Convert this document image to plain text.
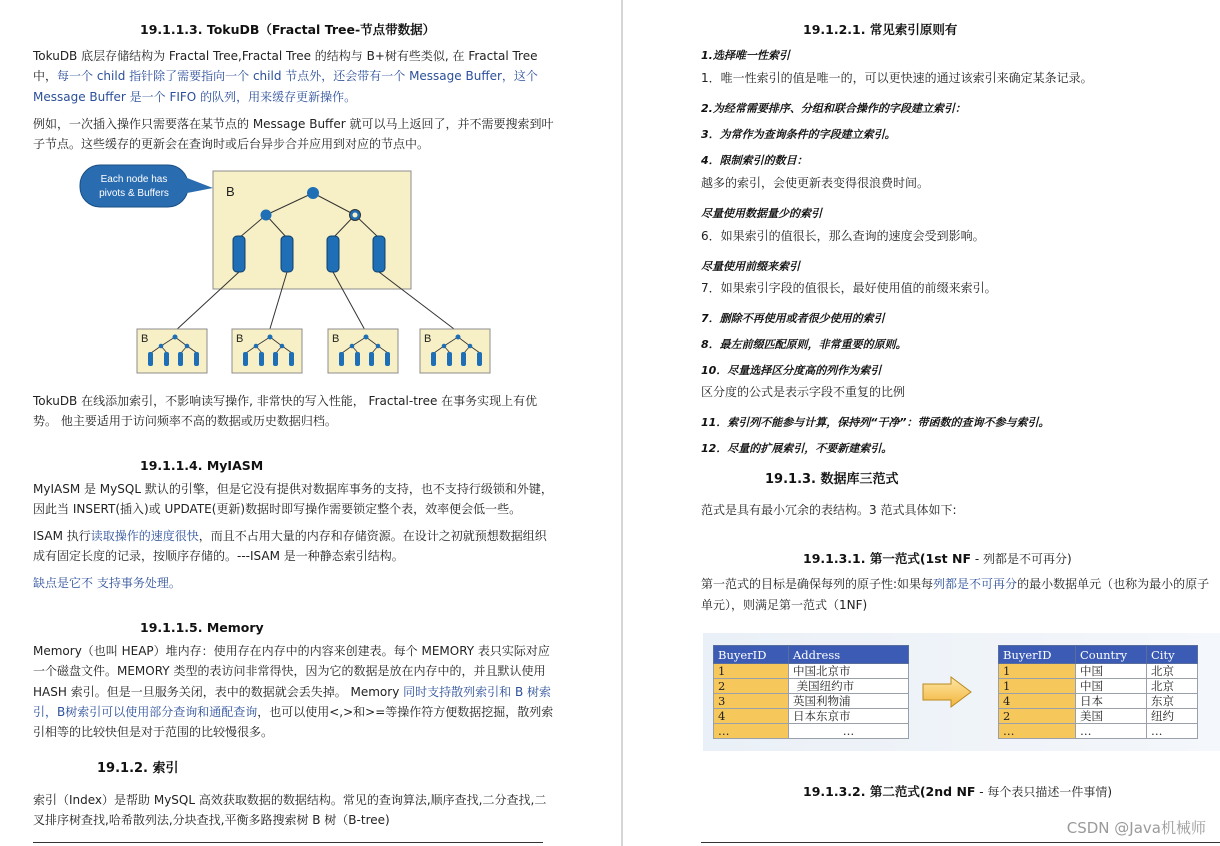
19.1.1.3. TokuDB（Fractal Tree-节点带数据）
TokuDB 底层存储结构为 Fractal Tree,Fractal Tree 的结构与 B+树有些类似, 在 Fractal Tree
中，每一个 child 指针除了需要指向一个 child 节点外，还会带有一个 Message Buffer，这个
Message Buffer 是一个 FIFO 的队列，用来缓存更新操作。
例如，一次插入操作只需要落在某节点的 Message Buffer 就可以马上返回了，并不需要搜索到叶
子节点。这些缓存的更新会在查询时或后台异步合并应用到对应的节点中。
Each node has
pivots & Buffers	B
B	B	B	B
TokuDB 在线添加索引，不影响读写操作, 非常快的写入性能， Fractal-tree 在事务实现上有优
势。 他主要适用于访问频率不高的数据或历史数据归档。
19.1.1.4. MyIASM
MyIASM 是 MySQL 默认的引擎，但是它没有提供对数据库事务的支持，也不支持行级锁和外键，
因此当 INSERT(插入)或 UPDATE(更新)数据时即写操作需要锁定整个表，效率便会低一些。
ISAM 执行读取操作的速度很快，而且不占用大量的内存和存储资源。在设计之初就预想数据组织
成有固定长度的记录，按顺序存储的。---ISAM 是一种静态索引结构。
缺点是它不 支持事务处理。
19.1.1.5. Memory
Memory（也叫 HEAP）堆内存：使用存在内存中的内容来创建表。每个 MEMORY 表只实际对应
一个磁盘文件。MEMORY 类型的表访问非常得快，因为它的数据是放在内存中的，并且默认使用
HASH 索引。但是一旦服务关闭，表中的数据就会丢失掉。 Memory 同时支持散列索引和 B 树索
引，B树索引可以使用部分查询和通配查询，也可以使用<,>和>=等操作符方便数据挖掘，散列索
引相等的比较快但是对于范围的比较慢很多。
19.1.2. 索引
索引（Index）是帮助 MySQL 高效获取数据的数据结构。常见的查询算法,顺序查找,二分查找,二
叉排序树查找,哈希散列法,分块查找,平衡多路搜索树 B 树（B-tree)
19.1.2.1. 常见索引原则有
1.选择唯一性索引
1．唯一性索引的值是唯一的，可以更快速的通过该索引来确定某条记录。
2.为经常需要排序、分组和联合操作的字段建立索引：
3．为常作为查询条件的字段建立索引。
4．限制索引的数目：
越多的索引，会使更新表变得很浪费时间。
尽量使用数据量少的索引
6．如果索引的值很长，那么查询的速度会受到影响。
尽量使用前缀来索引
7．如果索引字段的值很长，最好使用值的前缀来索引。
7．删除不再使用或者很少使用的索引
8．最左前缀匹配原则，非常重要的原则。
10．尽量选择区分度高的列作为索引
区分度的公式是表示字段不重复的比例
11．索引列不能参与计算，保持列“干净”：带函数的查询不参与索引。
12．尽量的扩展索引，不要新建索引。
19.1.3. 数据库三范式
范式是具有最小冗余的表结构。3 范式具体如下:
19.1.3.1. 第一范式(1st NF - 列都是不可再分)
第一范式的目标是确保每列的原子性:如果每列都是不可再分的最小数据单元（也称为最小的原子
单元），则满足第一范式（1NF)
BuyerID	Address
1	中国北京市
2	美国纽约市
3	英国利物浦
4	日本东京市
…	…
BuyerID	Country	City
1	中国	北京
1	中国	北京
4	日本	东京
2	美国	纽约
…	…	…
19.1.3.2. 第二范式(2nd NF - 每个表只描述一件事情)
CSDN @Java机械师
